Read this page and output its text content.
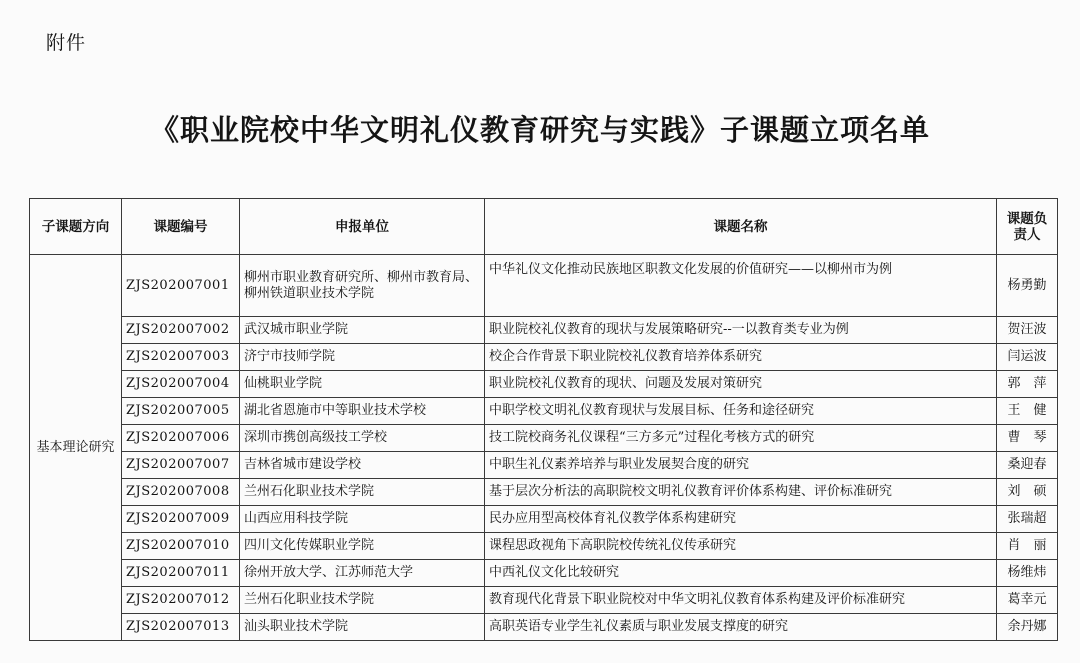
附件
《职业院校中华文明礼仪教育研究与实践》子课题立项名单
子课题方向	课题编号	申报单位	课题名称	课题负责人
基本理论研究	ZJS202007001	柳州市职业教育研究所、柳州市教育局、柳州铁道职业技术学院	中华礼仪文化推动民族地区职教文化发展的价值研究——以柳州市为例	杨勇勤
	ZJS202007002	武汉城市职业学院	职业院校礼仪教育的现状与发展策略研究--一以教育类专业为例	贺汪波
	ZJS202007003	济宁市技师学院	校企合作背景下职业院校礼仪教育培养体系研究	闫运波
	ZJS202007004	仙桃职业学院	职业院校礼仪教育的现状、问题及发展对策研究	郭　萍
	ZJS202007005	湖北省恩施市中等职业技术学校	中职学校文明礼仪教育现状与发展目标、任务和途径研究	王　健
	ZJS202007006	深圳市携创高级技工学校	技工院校商务礼仪课程“三方多元”过程化考核方式的研究	曹　琴
	ZJS202007007	吉林省城市建设学校	中职生礼仪素养培养与职业发展契合度的研究	桑迎春
	ZJS202007008	兰州石化职业技术学院	基于层次分析法的高职院校文明礼仪教育评价体系构建、评价标准研究	刘　硕
	ZJS202007009	山西应用科技学院	民办应用型高校体育礼仪教学体系构建研究	张瑞超
	ZJS202007010	四川文化传媒职业学院	课程思政视角下高职院校传统礼仪传承研究	肖　丽
	ZJS202007011	徐州开放大学、江苏师范大学	中西礼仪文化比较研究	杨维炜
	ZJS202007012	兰州石化职业技术学院	教育现代化背景下职业院校对中华文明礼仪教育体系构建及评价标准研究	葛幸元
	ZJS202007013	汕头职业技术学院	高职英语专业学生礼仪素质与职业发展支撑度的研究	余丹娜
